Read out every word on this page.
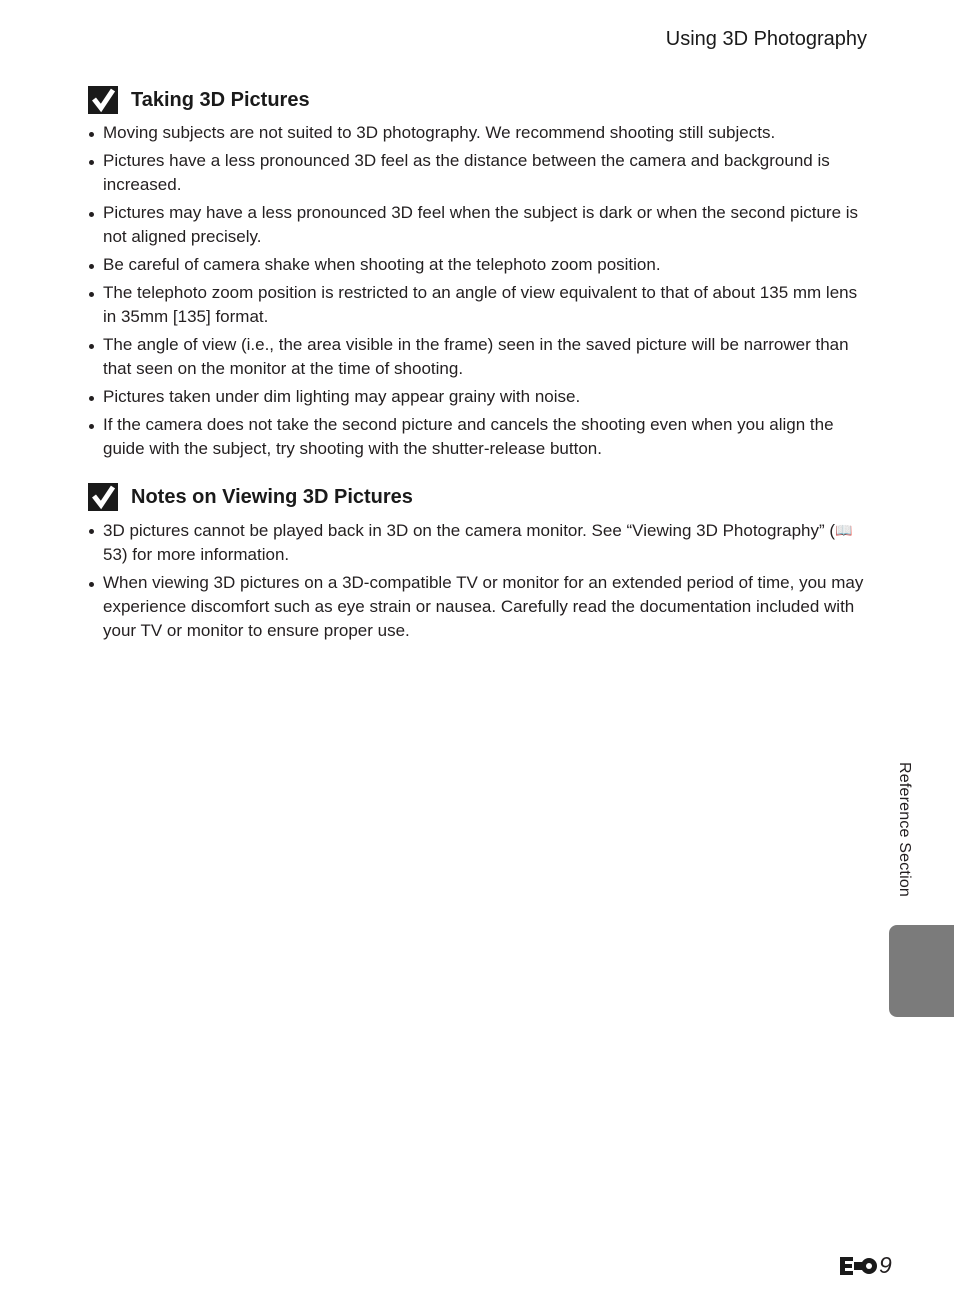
Using 3D Photography
Taking 3D Pictures
Moving subjects are not suited to 3D photography. We recommend shooting still subjects.
Pictures have a less pronounced 3D feel as the distance between the camera and background is increased.
Pictures may have a less pronounced 3D feel when the subject is dark or when the second picture is not aligned precisely.
Be careful of camera shake when shooting at the telephoto zoom position.
The telephoto zoom position is restricted to an angle of view equivalent to that of about 135 mm lens in 35mm [135] format.
The angle of view (i.e., the area visible in the frame) seen in the saved picture will be narrower than that seen on the monitor at the time of shooting.
Pictures taken under dim lighting may appear grainy with noise.
If the camera does not take the second picture and cancels the shooting even when you align the guide with the subject, try shooting with the shutter-release button.
Notes on Viewing 3D Pictures
3D pictures cannot be played back in 3D on the camera monitor. See “Viewing 3D Photography” (📖53) for more information.
When viewing 3D pictures on a 3D-compatible TV or monitor for an extended period of time, you may experience discomfort such as eye strain or nausea. Carefully read the documentation included with your TV or monitor to ensure proper use.
Reference Section
9
